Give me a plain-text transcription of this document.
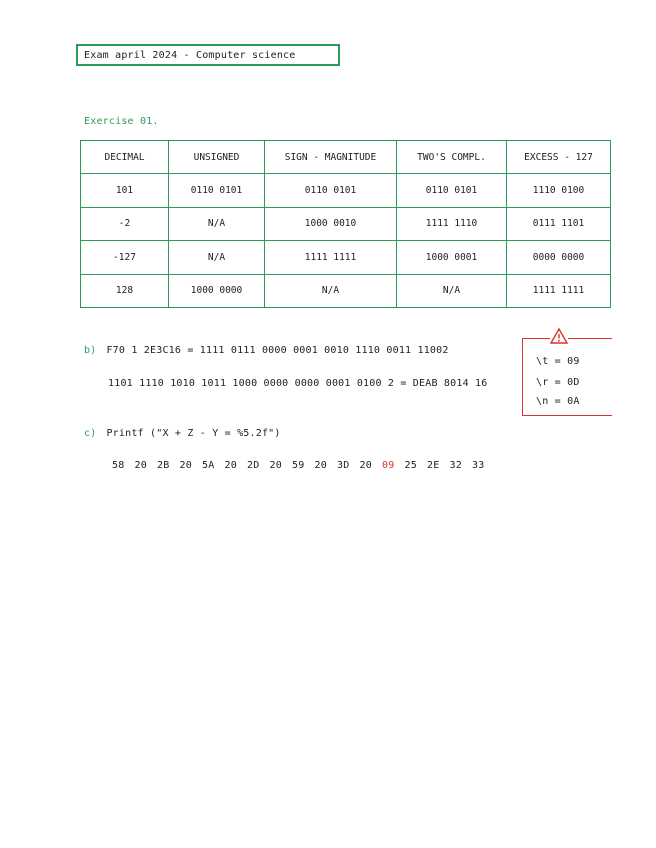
Exam april 2024 - Computer science
Exercise 01.
DECIMAL	UNSIGNED	SIGN - MAGNITUDE	TWO'S COMPL.	EXCESS - 127
101	0110 0101	0110 0101	0110 0101	1110 0100
-2	N/A	1000 0010	1111 1110	0111 1101
-127	N/A	1111 1111	1000 0001	0000 0000
128	1000 0000	N/A	N/A	1111 1111
b) F70 1 2E3C16 = 1111 0111 0000 0001 0010 1110 0011 11002
1101 1110 1010 1011 1000 0000 0000 0001 0100 2 = DEAB 8014 16
\t = 09
\r = 0D
\n = 0A
c) Printf ("X + Z - Y = %5.2f")
58	20	2B	20	5A	20	2D	20	59	20	3D	20	09	25	2E	32	33
